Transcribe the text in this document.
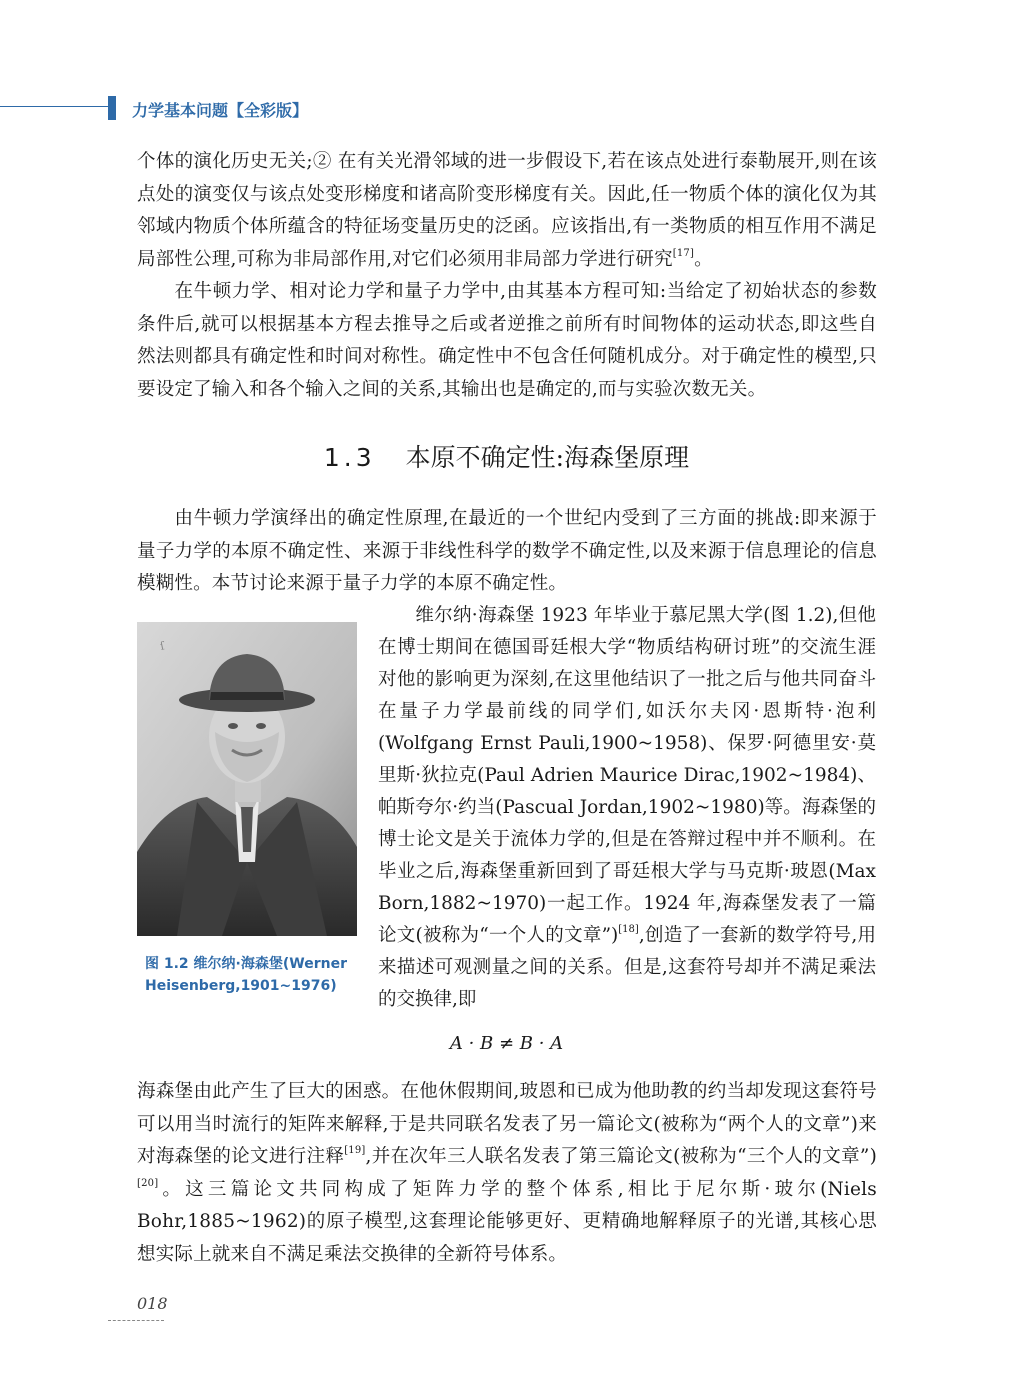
力学基本问题【全彩版】
个体的演化历史无关;② 在有关光滑邻域的进一步假设下,若在该点处进行泰勒展开,则在该点处的演变仅与该点处变形梯度和诸高阶变形梯度有关。因此,任一物质个体的演化仅为其邻域内物质个体所蕴含的特征场变量历史的泛函。应该指出,有一类物质的相互作用不满足局部性公理,可称为非局部作用,对它们必须用非局部力学进行研究[17]。
在牛顿力学、相对论力学和量子力学中,由其基本方程可知:当给定了初始状态的参数条件后,就可以根据基本方程去推导之后或者逆推之前所有时间物体的运动状态,即这些自然法则都具有确定性和时间对称性。确定性中不包含任何随机成分。对于确定性的模型,只要设定了输入和各个输入之间的关系,其输出也是确定的,而与实验次数无关。
1.3 本原不确定性:海森堡原理
由牛顿力学演绎出的确定性原理,在最近的一个世纪内受到了三方面的挑战:即来源于量子力学的本原不确定性、来源于非线性科学的数学不确定性,以及来源于信息理论的信息模糊性。本节讨论来源于量子力学的本原不确定性。
ſ
图 1.2 维尔纳·海森堡(Werner Heisenberg,1901~1976)
维尔纳·海森堡 1923 年毕业于慕尼黑大学(图 1.2),但他在博士期间在德国哥廷根大学“物质结构研讨班”的交流生涯对他的影响更为深刻,在这里他结识了一批之后与他共同奋斗在量子力学最前线的同学们,如沃尔夫冈·恩斯特·泡利(Wolfgang Ernst Pauli,1900~1958)、保罗·阿德里安·莫里斯·狄拉克(Paul Adrien Maurice Dirac,1902~1984)、帕斯夸尔·约当(Pascual Jordan,1902~1980)等。海森堡的博士论文是关于流体力学的,但是在答辩过程中并不顺利。在毕业之后,海森堡重新回到了哥廷根大学与马克斯·玻恩(Max Born,1882~1970)一起工作。1924 年,海森堡发表了一篇论文(被称为“一个人的文章”)[18],创造了一套新的数学符号,用来描述可观测量之间的关系。但是,这套符号却并不满足乘法的交换律,即
A · B ≠ B · A
海森堡由此产生了巨大的困惑。在他休假期间,玻恩和已成为他助教的约当却发现这套符号可以用当时流行的矩阵来解释,于是共同联名发表了另一篇论文(被称为“两个人的文章”)来对海森堡的论文进行注释[19],并在次年三人联名发表了第三篇论文(被称为“三个人的文章”)[20]。这三篇论文共同构成了矩阵力学的整个体系,相比于尼尔斯·玻尔(Niels Bohr,1885~1962)的原子模型,这套理论能够更好、更精确地解释原子的光谱,其核心思想实际上就来自不满足乘法交换律的全新符号体系。
018
